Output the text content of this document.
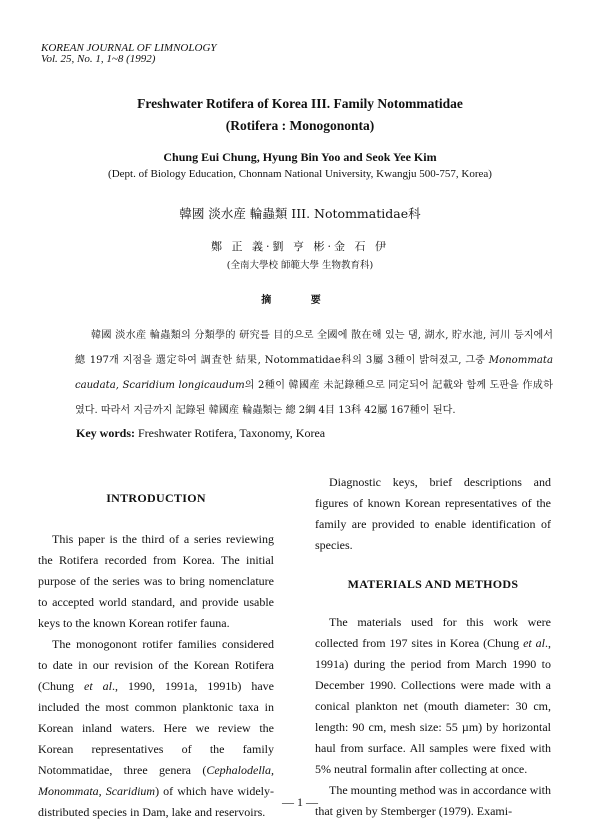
KOREAN JOURNAL OF LIMNOLOGY
Vol. 25, No. 1, 1~8 (1992)
Freshwater Rotifera of Korea III. Family Notommatidae
(Rotifera : Monogononta)
Chung Eui Chung, Hyung Bin Yoo and Seok Yee Kim
(Dept. of Biology Education, Chonnam National University, Kwangju 500-757, Korea)
韓國 淡水産 輪蟲類 III. Notommatidae科
鄭 正 義·劉 亨 彬·金 石 伊
(全南大學校 師範大學 生物教育科)
摘 要

韓國 淡水産 輪蟲類의 分類學的 研究를 目的으로 全國에 散在해 있는 댐, 湖水, 貯水池, 河川 등지에서 總 197개 지점을 選定하여 調査한 結果, Notommatidae科의 3屬 3種이 밝혀졌고, 그중 Monommata caudata, Scaridium longicaudum의 2種이 韓國産 未記錄種으로 同定되어 記載와 함께 도판을 作成하였다. 따라서 지금까지 記錄된 韓國産 輪蟲類는 總 2綱 4目 13科 42屬 167種이 된다.

Key words: Freshwater Rotifera, Taxonomy, Korea
INTRODUCTION

This paper is the third of a series reviewing the Rotifera recorded from Korea. The initial purpose of the series was to bring nomenclature to accepted world standard, and provide usable keys to the known Korean rotifer fauna.

The monogonont rotifer families considered to date in our revision of the Korean Rotifera (Chung et al., 1990, 1991a, 1991b) have included the most common planktonic taxa in Korean inland waters. Here we review the Korean representatives of the family Notommatidae, three genera (Cephalodella, Monommata, Scaridium) of which have widely-distributed species in Dam, lake and reservoirs.

Diagnostic keys, brief descriptions and figures of known Korean representatives of the family are provided to enable identification of species.

MATERIALS AND METHODS

The materials used for this work were collected from 197 sites in Korea (Chung et al., 1991a) during the period from March 1990 to December 1990. Collections were made with a conical plankton net (mouth diameter: 30 cm, length: 90 cm, mesh size: 55 µm) by horizontal haul from surface. All samples were fixed with 5% neutral formalin after collecting at once.

The mounting method was in accordance with that given by Stemberger (1979). Exami-

— 1 —
